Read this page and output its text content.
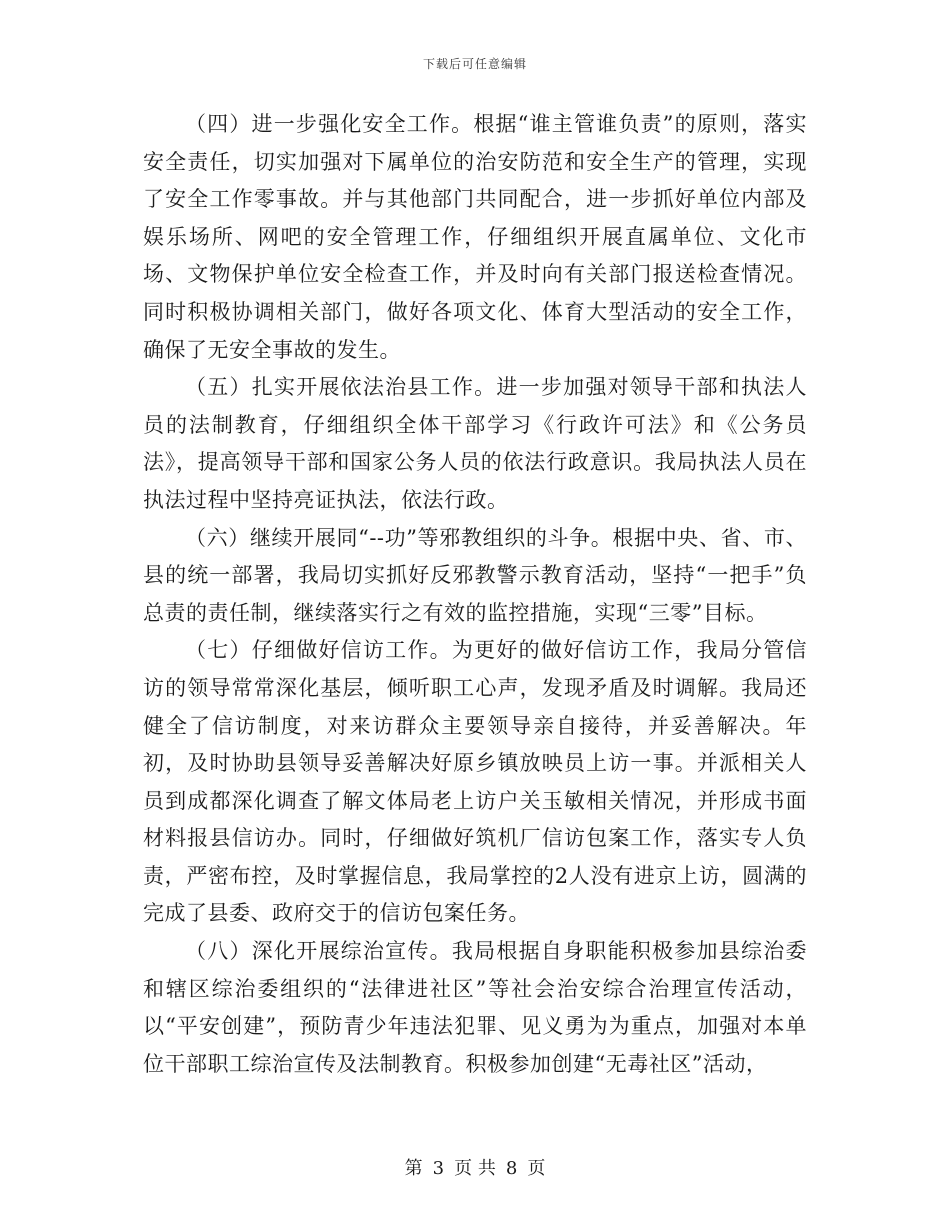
下载后可任意编辑

（四）进一步强化安全工作。根据“谁主管谁负责”的原则，落实安全责任，切实加强对下属单位的治安防范和安全生产的管理，实现了安全工作零事故。并与其他部门共同配合，进一步抓好单位内部及娱乐场所、网吧的安全管理工作，仔细组织开展直属单位、文化市场、文物保护单位安全检查工作，并及时向有关部门报送检查情况。同时积极协调相关部门，做好各项文化、体育大型活动的安全工作，确保了无安全事故的发生。

（五）扎实开展依法治县工作。进一步加强对领导干部和执法人员的法制教育，仔细组织全体干部学习《行政许可法》和《公务员法》，提高领导干部和国家公务人员的依法行政意识。我局执法人员在执法过程中坚持亮证执法，依法行政。

（六）继续开展同“--功”等邪教组织的斗争。根据中央、省、市、县的统一部署，我局切实抓好反邪教警示教育活动，坚持“一把手”负总责的责任制，继续落实行之有效的监控措施，实现“三零”目标。

（七）仔细做好信访工作。为更好的做好信访工作，我局分管信访的领导常常深化基层，倾听职工心声，发现矛盾及时调解。我局还健全了信访制度，对来访群众主要领导亲自接待，并妥善解决。年初，及时协助县领导妥善解决好原乡镇放映员上访一事。并派相关人员到成都深化调查了解文体局老上访户关玉敏相关情况，并形成书面材料报县信访办。同时，仔细做好筑机厂信访包案工作，落实专人负责，严密布控，及时掌握信息，我局掌控的2人没有进京上访，圆满的完成了县委、政府交于的信访包案任务。

（八）深化开展综治宣传。我局根据自身职能积极参加县综治委和辖区综治委组织的“法律进社区”等社会治安综合治理宣传活动，以“平安创建”，预防青少年违法犯罪、见义勇为为重点，加强对本单位干部职工综治宣传及法制教育。积极参加创建“无毒社区”活动，

第 3 页 共 8 页
